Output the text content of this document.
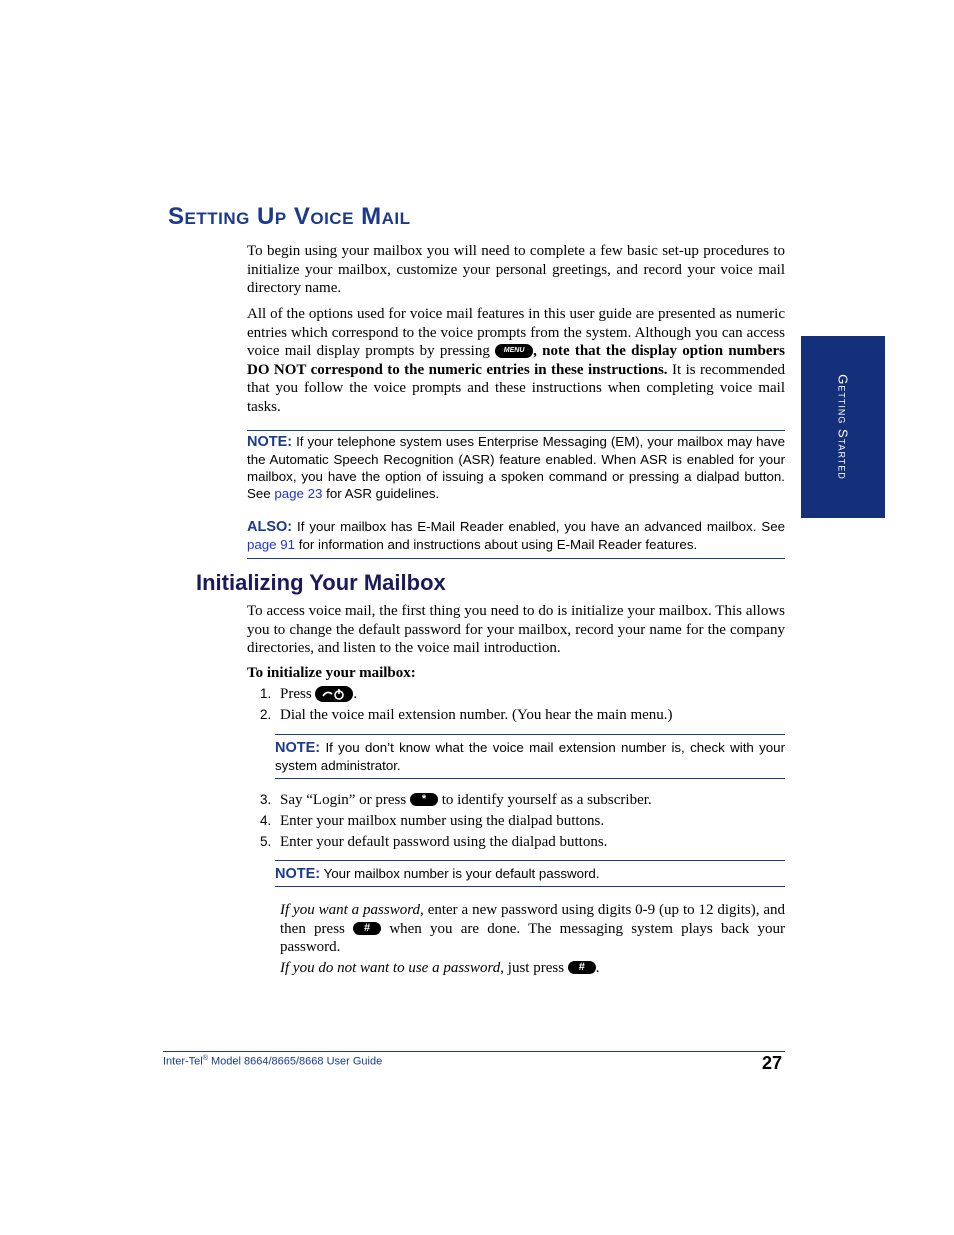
Setting Up Voice Mail
Getting Started
To begin using your mailbox you will need to complete a few basic set-up procedures to initialize your mailbox, customize your personal greetings, and record your voice mail directory name.
All of the options used for voice mail features in this user guide are presented as numeric entries which correspond to the voice prompts from the system. Although you can access voice mail display prompts by pressing MENU , note that the display option numbers DO NOT correspond to the numeric entries in these instructions. It is recommended that you follow the voice prompts and these instructions when completing voice mail tasks.
NOTE: If your telephone system uses Enterprise Messaging (EM), your mailbox may have the Automatic Speech Recognition (ASR) feature enabled. When ASR is enabled for your mailbox, you have the option of issuing a spoken command or pressing a dialpad button. See page 23 for ASR guidelines.
ALSO: If your mailbox has E-Mail Reader enabled, you have an advanced mailbox. See page 91 for information and instructions about using E-Mail Reader features.
Initializing Your Mailbox
To access voice mail, the first thing you need to do is initialize your mailbox. This allows you to change the default password for your mailbox, record your name for the company directories, and listen to the voice mail introduction.
To initialize your mailbox:
1. Press	.
2. Dial the voice mail extension number. (You hear the main menu.)
NOTE: If you don’t know what the voice mail extension number is, check with your system administrator.
3. Say “Login” or press * to identify yourself as a subscriber.
4. Enter your mailbox number using the dialpad buttons.
5. Enter your default password using the dialpad buttons.
NOTE: Your mailbox number is your default password.
If you want a password, enter a new password using digits 0-9 (up to 12 digits), and then press # when you are done. The messaging system plays back your password.
If you do not want to use a password, just press # .
Inter-Tel® Model 8664/8665/8668 User Guide	27
